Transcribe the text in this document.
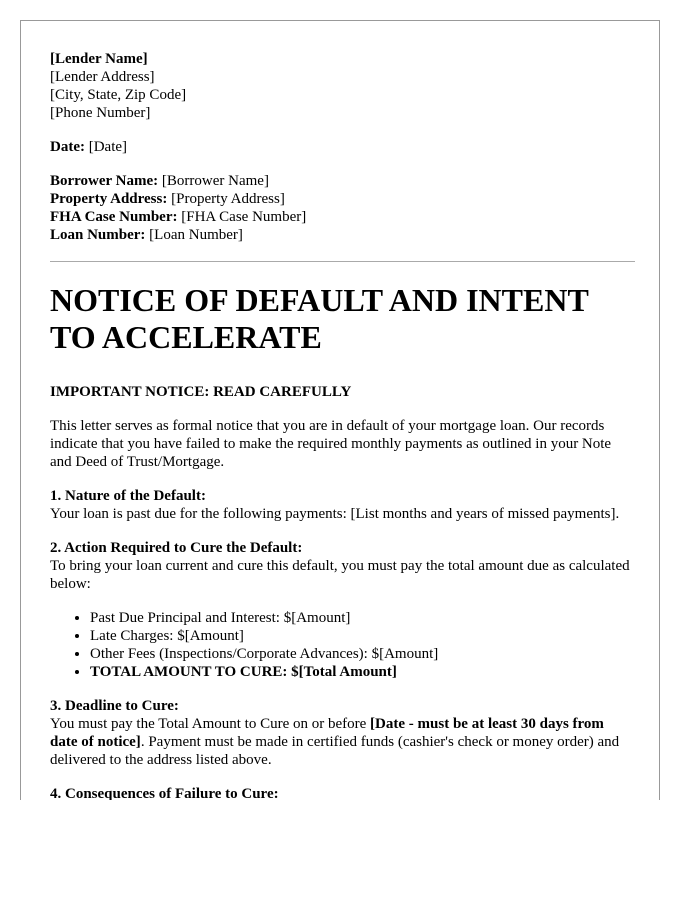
[Lender Name]

[Lender Address]

[City, State, Zip Code]

[Phone Number]

Date: [Date]

Borrower Name: [Borrower Name]

Property Address: [Property Address]

FHA Case Number: [FHA Case Number]

Loan Number: [Loan Number]

NOTICE OF DEFAULT AND INTENT TO ACCELERATE

IMPORTANT NOTICE: READ CAREFULLY

This letter serves as formal notice that you are in default of your mortgage loan. Our records indicate that you have failed to make the required monthly payments as outlined in your Note and Deed of Trust/Mortgage.

1. Nature of the Default:
Your loan is past due for the following payments: [List months and years of missed payments].
2. Action Required to Cure the Default:
To bring your loan current and cure this default, you must pay the total amount due as calculated below:
• Past Due Principal and Interest: $[Amount]
• Late Charges: $[Amount]
• Other Fees (Inspections/Corporate Advances): $[Amount]
• TOTAL AMOUNT TO CURE: $[Total Amount]
3. Deadline to Cure:
You must pay the Total Amount to Cure on or before [Date - must be at least 30 days from date of notice]. Payment must be made in certified funds (cashier's check or money order) and delivered to the address listed above.
4. Consequences of Failure to Cure:
